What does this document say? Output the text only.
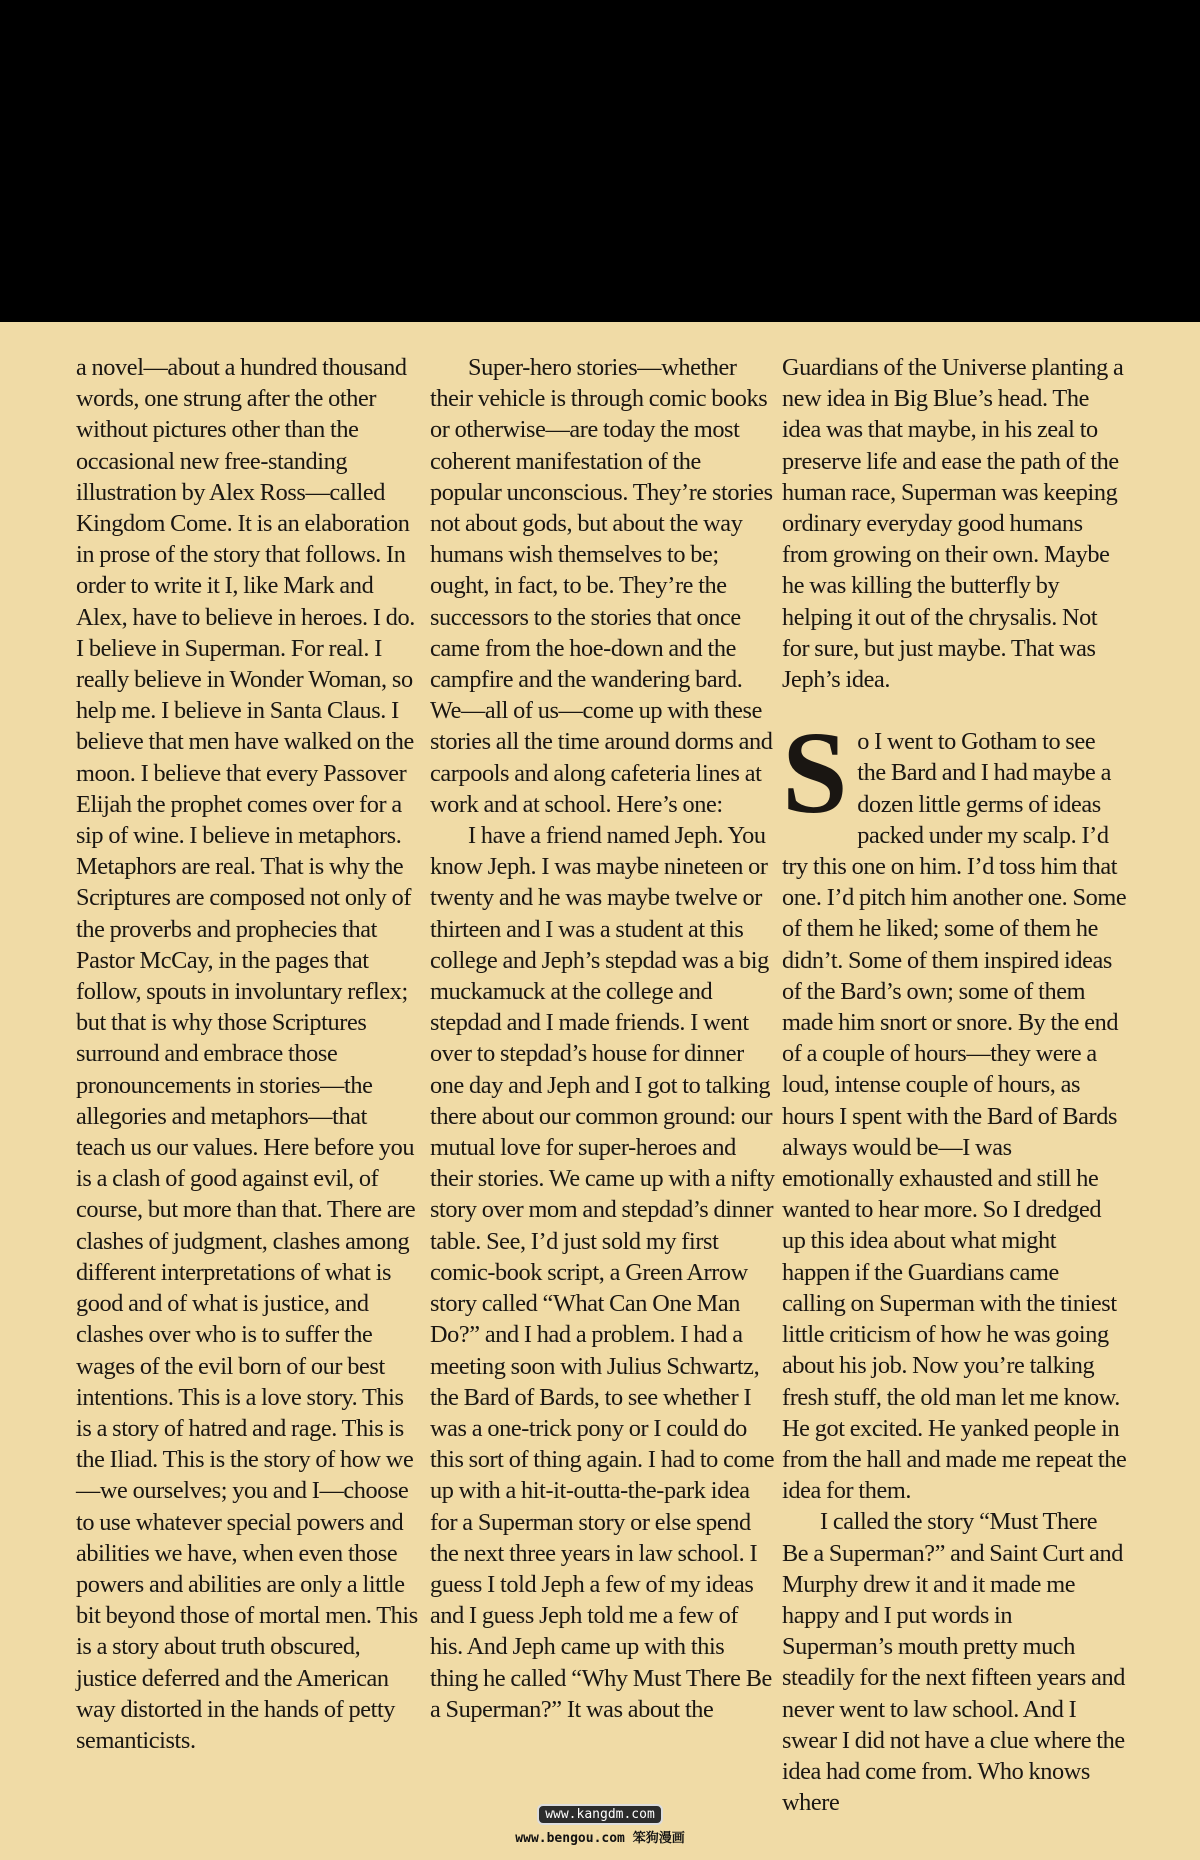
a novel—about a hundred thousand words, one strung after the other without pictures other than the occasional new free-standing illustration by Alex Ross—called Kingdom Come. It is an elaboration in prose of the story that follows. In order to write it I, like Mark and Alex, have to believe in heroes. I do. I believe in Superman. For real. I really believe in Wonder Woman, so help me. I believe in Santa Claus. I believe that men have walked on the moon. I believe that every Passover Elijah the prophet comes over for a sip of wine. I believe in metaphors. Metaphors are real. That is why the Scriptures are composed not only of the proverbs and prophecies that Pastor McCay, in the pages that follow, spouts in involuntary reflex; but that is why those Scriptures surround and embrace those pronouncements in stories—the allegories and metaphors—that teach us our values. Here before you is a clash of good against evil, of course, but more than that. There are clashes of judgment, clashes among different interpretations of what is good and of what is justice, and clashes over who is to suffer the wages of the evil born of our best intentions. This is a love story. This is a story of hatred and rage. This is the Iliad. This is the story of how we—we ourselves; you and I—choose to use whatever special powers and abilities we have, when even those powers and abilities are only a little bit beyond those of mortal men. This is a story about truth obscured, justice deferred and the American way distorted in the hands of petty semanticists.

Super-hero stories—whether their vehicle is through comic books or otherwise—are today the most coherent manifestation of the popular unconscious. They’re stories not about gods, but about the way humans wish themselves to be; ought, in fact, to be. They’re the successors to the stories that once came from the hoe-down and the campfire and the wandering bard. We—all of us—come up with these stories all the time around dorms and carpools and along cafeteria lines at work and at school. Here’s one:

I have a friend named Jeph. You know Jeph. I was maybe nineteen or twenty and he was maybe twelve or thirteen and I was a student at this college and Jeph’s stepdad was a big muckamuck at the college and stepdad and I made friends. I went over to stepdad’s house for dinner one day and Jeph and I got to talking there about our common ground: our mutual love for super-heroes and their stories. We came up with a nifty story over mom and stepdad’s dinner table. See, I’d just sold my first comic-book script, a Green Arrow story called “What Can One Man Do?” and I had a problem. I had a meeting soon with Julius Schwartz, the Bard of Bards, to see whether I was a one-trick pony or I could do this sort of thing again. I had to come up with a hit-it-outta-the-park idea for a Superman story or else spend the next three years in law school. I guess I told Jeph a few of my ideas and I guess Jeph told me a few of his. And Jeph came up with this thing he called “Why Must There Be a Superman?” It was about the

Guardians of the Universe planting a new idea in Big Blue’s head. The idea was that maybe, in his zeal to preserve life and ease the path of the human race, Superman was keeping ordinary everyday good humans from growing on their own. Maybe he was killing the butterfly by helping it out of the chrysalis. Not for sure, but just maybe. That was Jeph’s idea.

So I went to Gotham to see the Bard and I had maybe a dozen little germs of ideas packed under my scalp. I’d try this one on him. I’d toss him that one. I’d pitch him another one. Some of them he liked; some of them he didn’t. Some of them inspired ideas of the Bard’s own; some of them made him snort or snore. By the end of a couple of hours—they were a loud, intense couple of hours, as hours I spent with the Bard of Bards always would be—I was emotionally exhausted and still he wanted to hear more. So I dredged up this idea about what might happen if the Guardians came calling on Superman with the tiniest little criticism of how he was going about his job. Now you’re talking fresh stuff, the old man let me know. He got excited. He yanked people in from the hall and made me repeat the idea for them.

I called the story “Must There Be a Superman?” and Saint Curt and Murphy drew it and it made me happy and I put words in Superman’s mouth pretty much steadily for the next fifteen years and never went to law school. And I swear I did not have a clue where the idea had come from. Who knows where

www.kangdm.com
www.bengou.com 笨狗漫画
